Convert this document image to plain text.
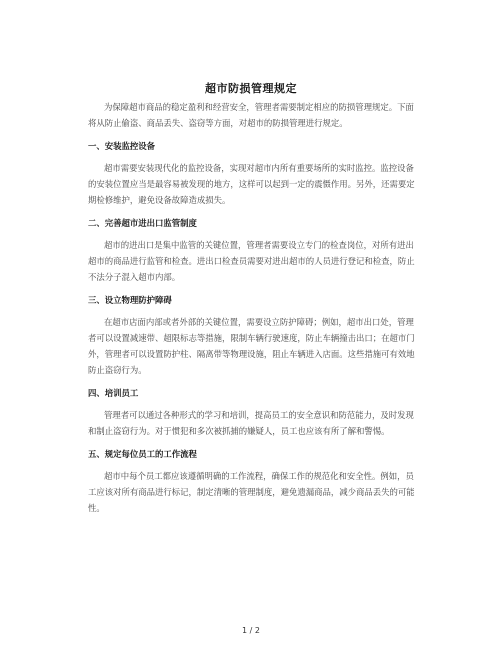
超市防损管理规定

为保障超市商品的稳定盈利和经营安全，管理者需要制定相应的防损管理规定。下面将从防止偷盗、商品丢失、盗窃等方面，对超市的防损管理进行规定。

一、安装监控设备

超市需要安装现代化的监控设备，实现对超市内所有重要场所的实时监控。监控设备的安装位置应当是最容易被发现的地方，这样可以起到一定的震慑作用。另外，还需要定期检修维护，避免设备故障造成损失。

二、完善超市进出口监管制度

超市的进出口是集中监管的关键位置，管理者需要设立专门的检查岗位，对所有进出超市的商品进行监管和检查。进出口检查员需要对进出超市的人员进行登记和检查，防止不法分子混入超市内部。

三、设立物理防护障碍

在超市店面内部或者外部的关键位置，需要设立防护障碍；例如，超市出口处，管理者可以设置减速带、超限标志等措施，限制车辆行驶速度，防止车辆撞击出口；在超市门外，管理者可以设置防护柱、隔离带等物理设施，阻止车辆进入店面。这些措施可有效地防止盗窃行为。

四、培训员工

管理者可以通过各种形式的学习和培训，提高员工的安全意识和防范能力，及时发现和制止盗窃行为。对于惯犯和多次被抓捕的嫌疑人，员工也应该有所了解和警惕。

五、规定每位员工的工作流程

超市中每个员工都应该遵循明确的工作流程，确保工作的规范化和安全性。例如，员工应该对所有商品进行标记，制定清晰的管理制度，避免遗漏商品，减少商品丢失的可能性。

1 / 2
